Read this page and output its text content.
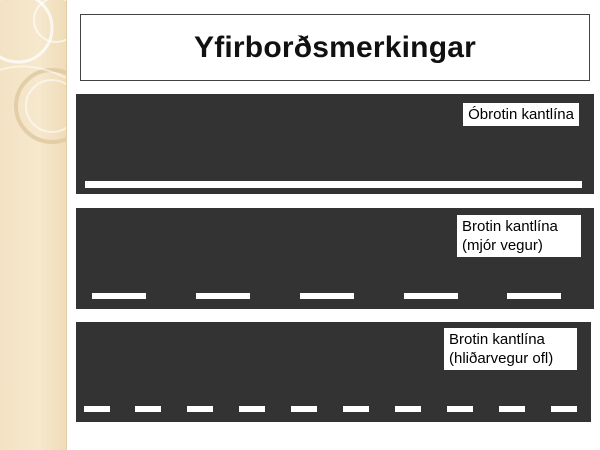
Yfirborðsmerkingar
Óbrotin kantlína
Brotin kantlína
(mjór vegur)
Brotin kantlína
(hliðarvegur ofl)
